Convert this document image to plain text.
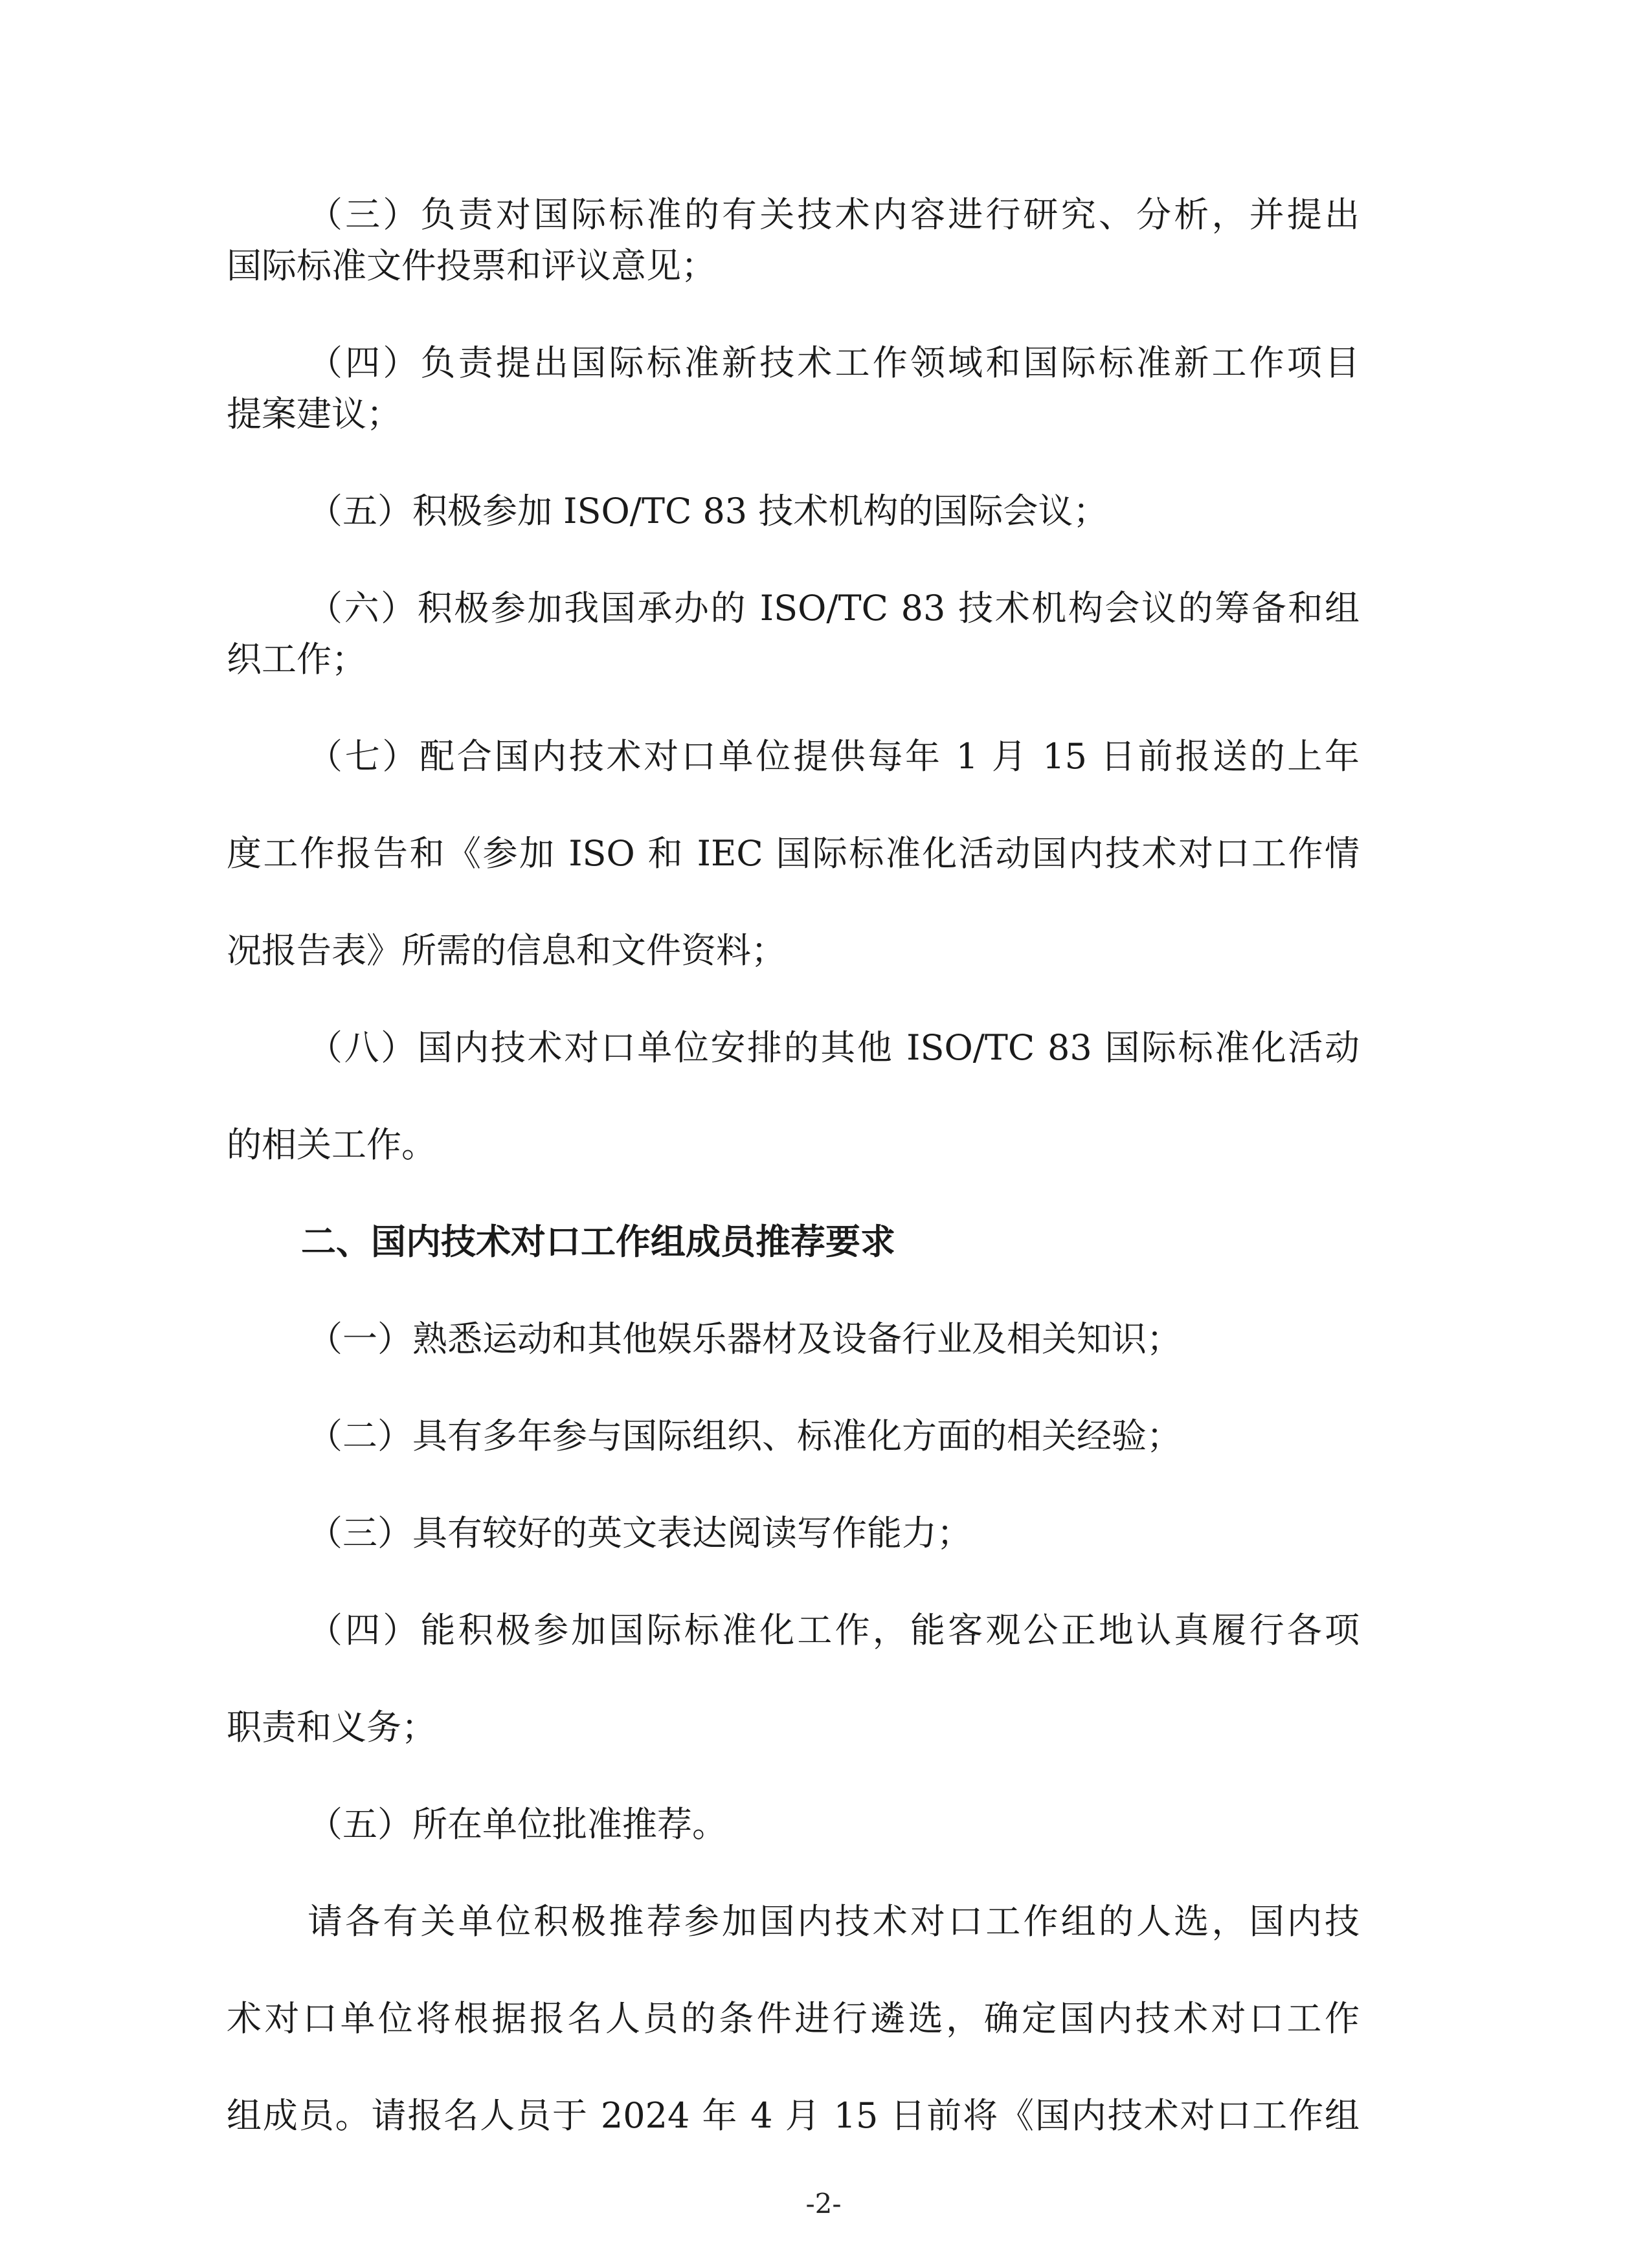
（三）负责对国际标准的有关技术内容进行研究、分析，并提出
国际标准文件投票和评议意见；
（四）负责提出国际标准新技术工作领域和国际标准新工作项目
提案建议；
（五）积极参加 ISO/TC 83 技术机构的国际会议；
（六）积极参加我国承办的 ISO/TC 83 技术机构会议的筹备和组
织工作；
（七）配合国内技术对口单位提供每年 1 月 15 日前报送的上年
度工作报告和《参加 ISO 和 IEC 国际标准化活动国内技术对口工作情
况报告表》所需的信息和文件资料；
（八）国内技术对口单位安排的其他 ISO/TC 83 国际标准化活动
的相关工作。
二、国内技术对口工作组成员推荐要求
（一）熟悉运动和其他娱乐器材及设备行业及相关知识；
（二）具有多年参与国际组织、标准化方面的相关经验；
（三）具有较好的英文表达阅读写作能力；
（四）能积极参加国际标准化工作，能客观公正地认真履行各项
职责和义务；
（五）所在单位批准推荐。
请各有关单位积极推荐参加国内技术对口工作组的人选，国内技
术对口单位将根据报名人员的条件进行遴选，确定国内技术对口工作
组成员。请报名人员于 2024 年 4 月 15 日前将《国内技术对口工作组
-2-
